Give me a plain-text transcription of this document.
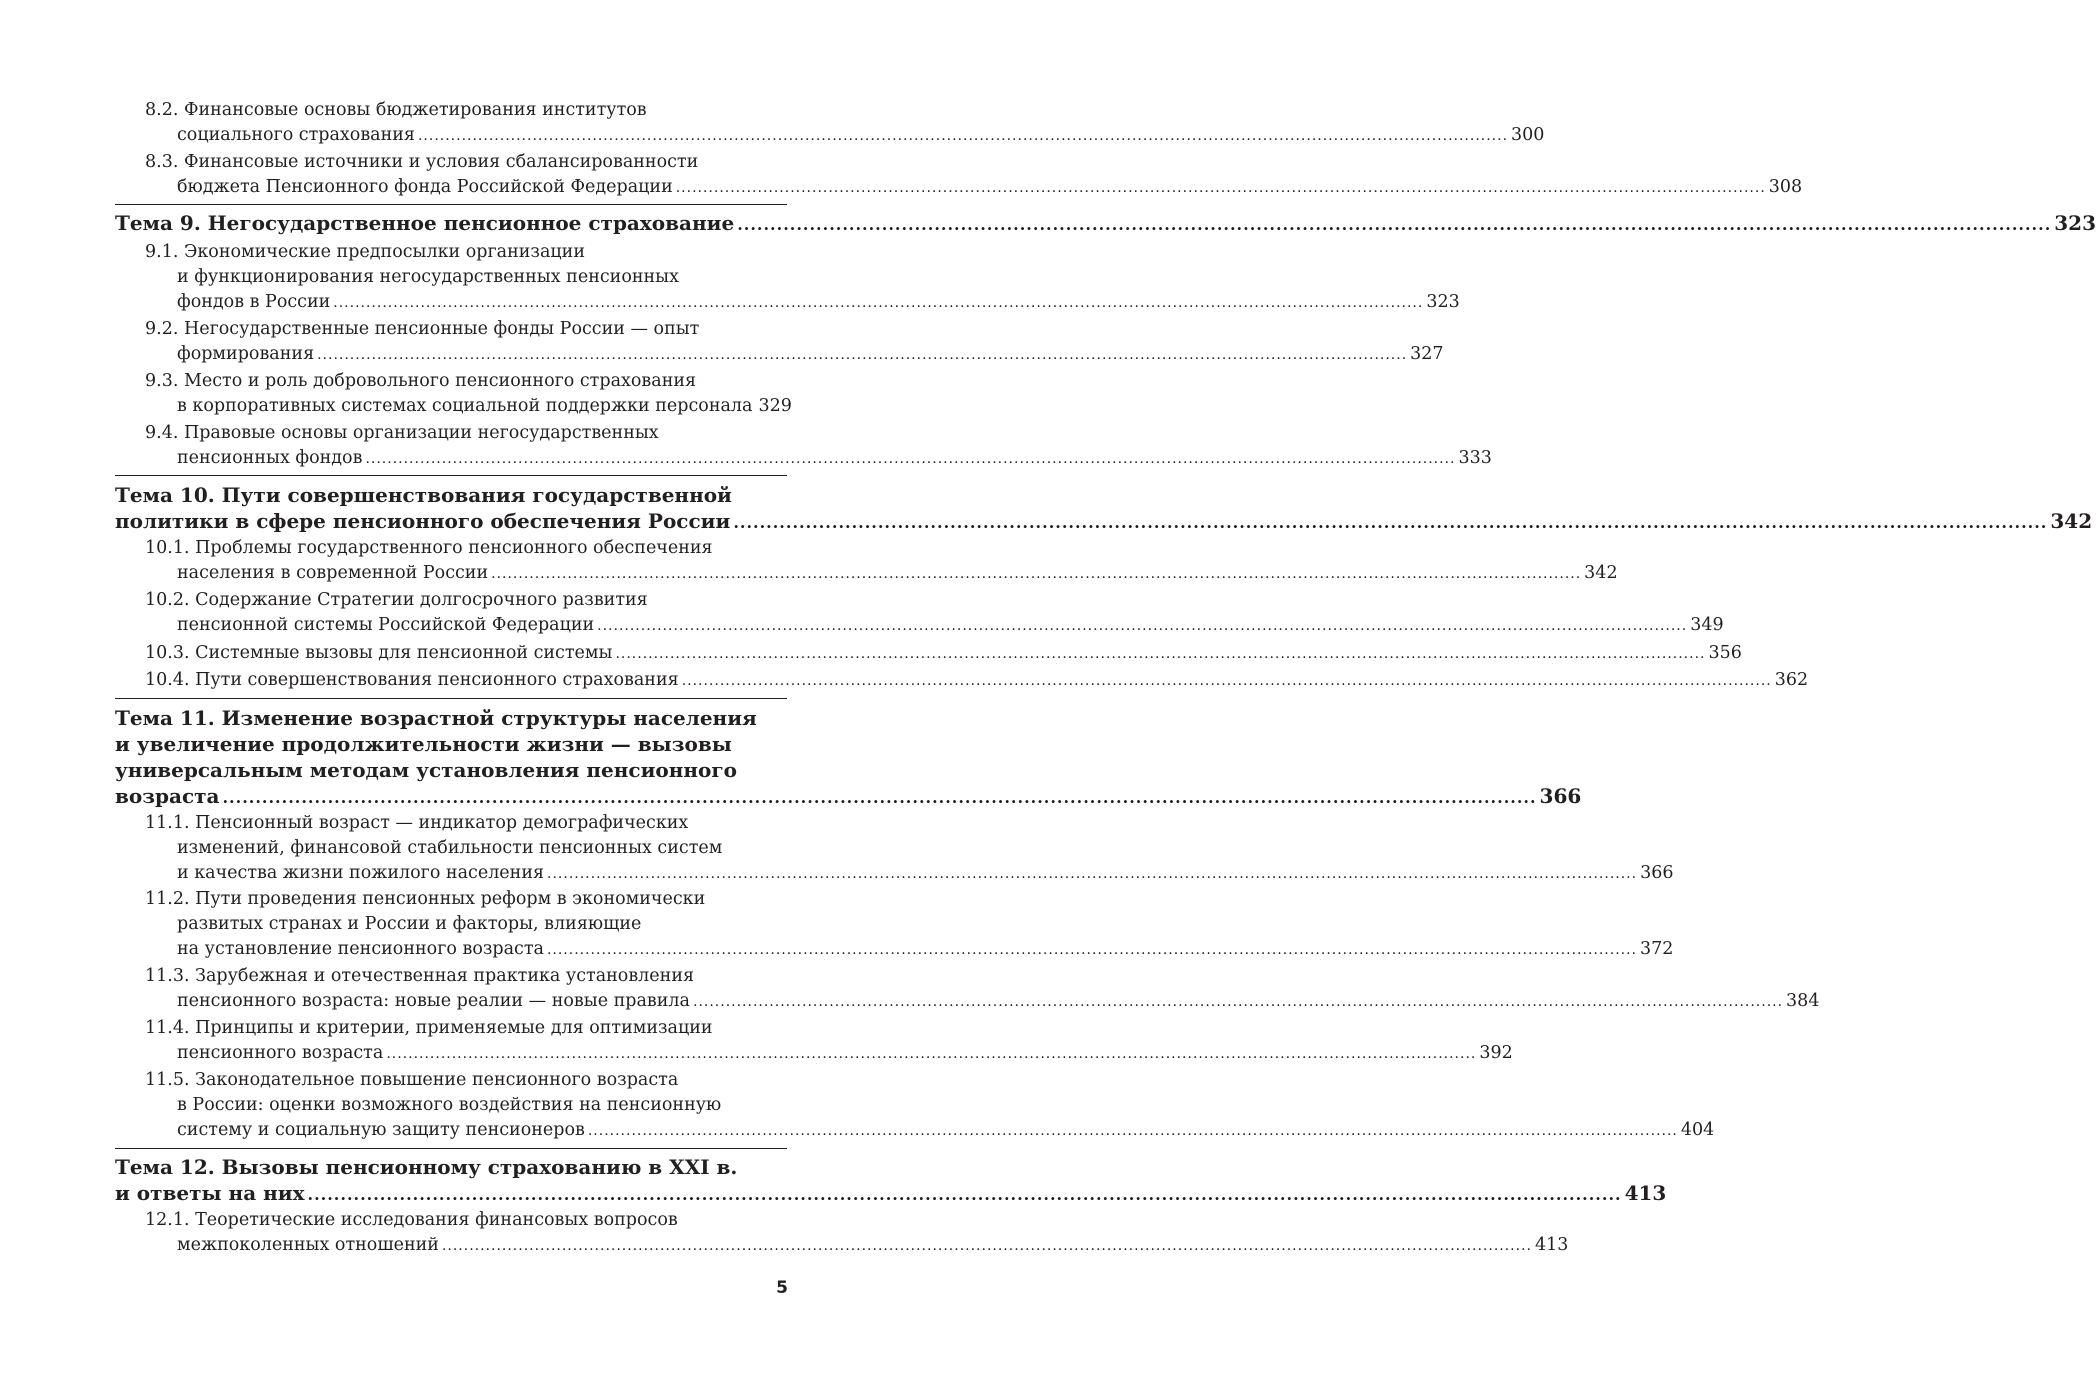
8.2. Финансовые основы бюджетирования институтов
социального страхования ........................................................................................................................................................................................................ 300
8.3. Финансовые источники и условия сбалансированности
бюджета Пенсионного фонда Российской Федерации ........................................................................................................................................................................................................ 308
Тема 9. Негосударственное пенсионное страхование ........................................................................................................................................................................................................ 323
9.1. Экономические предпосылки организации
и функционирования негосударственных пенсионных
фондов в России ........................................................................................................................................................................................................ 323
9.2. Негосударственные пенсионные фонды России — опыт
формирования ........................................................................................................................................................................................................ 327
9.3. Место и роль добровольного пенсионного страхования
в корпоративных системах социальной поддержки персонала 329
9.4. Правовые основы организации негосударственных
пенсионных фондов ........................................................................................................................................................................................................ 333
Тема 10. Пути совершенствования государственной
политики в сфере пенсионного обеспечения России ........................................................................................................................................................................................................ 342
10.1. Проблемы государственного пенсионного обеспечения
населения в современной России ........................................................................................................................................................................................................ 342
10.2. Содержание Стратегии долгосрочного развития
пенсионной системы Российской Федерации ........................................................................................................................................................................................................ 349
10.3. Системные вызовы для пенсионной системы ........................................................................................................................................................................................................ 356
10.4. Пути совершенствования пенсионного страхования ........................................................................................................................................................................................................ 362
Тема 11. Изменение возрастной структуры населения
и увеличение продолжительности жизни — вызовы
универсальным методам установления пенсионного
возраста ........................................................................................................................................................................................................ 366
11.1. Пенсионный возраст — индикатор демографических
изменений, финансовой стабильности пенсионных систем
и качества жизни пожилого населения ........................................................................................................................................................................................................ 366
11.2. Пути проведения пенсионных реформ в экономически
развитых странах и России и факторы, влияющие
на установление пенсионного возраста ........................................................................................................................................................................................................ 372
11.3. Зарубежная и отечественная практика установления
пенсионного возраста: новые реалии — новые правила ........................................................................................................................................................................................................ 384
11.4. Принципы и критерии, применяемые для оптимизации
пенсионного возраста ........................................................................................................................................................................................................ 392
11.5. Законодательное повышение пенсионного возраста
в России: оценки возможного воздействия на пенсионную
систему и социальную защиту пенсионеров ........................................................................................................................................................................................................ 404
Тема 12. Вызовы пенсионному страхованию в XXI в.
и ответы на них ........................................................................................................................................................................................................ 413
12.1. Теоретические исследования финансовых вопросов
межпоколенных отношений ........................................................................................................................................................................................................ 413
5
